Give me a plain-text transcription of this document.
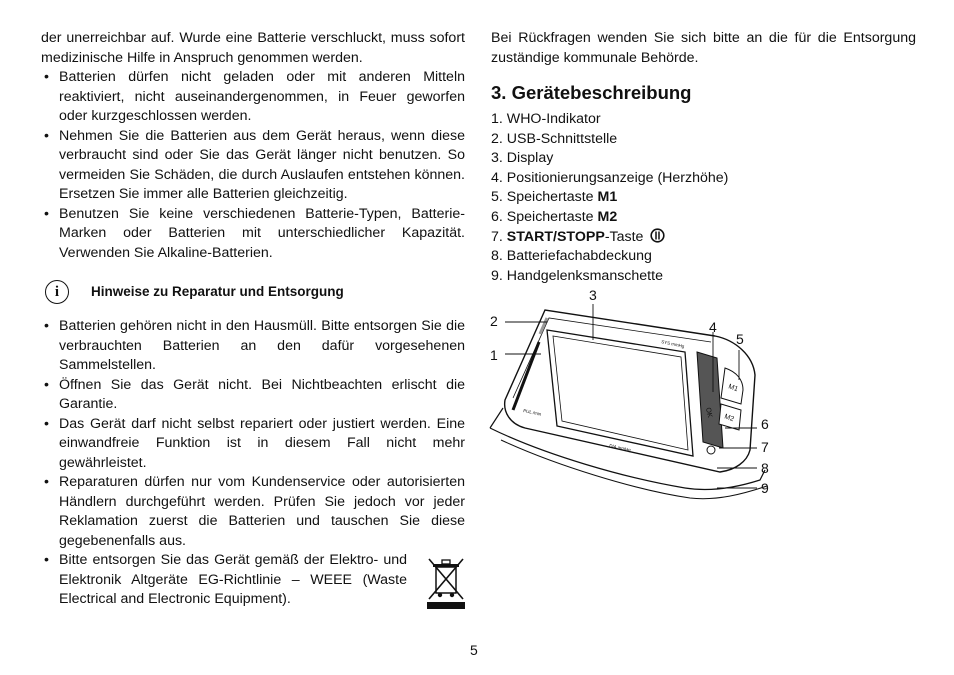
der unerreichbar auf. Wurde eine Batterie verschluckt, muss sofort medizinische Hilfe in Anspruch genommen werden.

• Batterien dürfen nicht geladen oder mit anderen Mitteln reaktiviert, nicht auseinandergenommen, in Feuer geworfen oder kurzgeschlossen werden.
• Nehmen Sie die Batterien aus dem Gerät heraus, wenn diese verbraucht sind oder Sie das Gerät länger nicht benutzen. So vermeiden Sie Schäden, die durch Auslaufen entstehen können. Ersetzen Sie immer alle Batterien gleichzeitig.
• Benutzen Sie keine verschiedenen Batterie-Typen, Batterie-Marken oder Batterien mit unterschiedlicher Kapazität. Verwenden Sie Alkaline-Batterien.
i	Hinweise zu Reparatur und Entsorgung
• Batterien gehören nicht in den Hausmüll. Bitte entsorgen Sie die verbrauchten Batterien an den dafür vorgesehenen Sammelstellen.
• Öffnen Sie das Gerät nicht. Bei Nichtbeachten erlischt die Garantie.
• Das Gerät darf nicht selbst repariert oder justiert werden. Eine einwandfreie Funktion ist in diesem Fall nicht mehr gewährleistet.
• Reparaturen dürfen nur vom Kundenservice oder autorisierten Händlern durchgeführt werden. Prüfen Sie jedoch vor jeder Reklamation zuerst die Batterien und tauschen Sie diese gegebenenfalls aus.
• Bitte entsorgen Sie das Gerät gemäß der Elektro- und Elektronik Altgeräte EG-Richtlinie – WEEE (Waste Electrical and Electronic Equipment).

Bei Rückfragen wenden Sie sich bitte an die für die Entsorgung zuständige kommunale Behörde.

3. Gerätebeschreibung
1. WHO-Indikator
2. USB-Schnittstelle
3. Display
4. Positionierungsanzeige (Herzhöhe)
5. Speichertaste M1
6. Speichertaste M2
7. START/STOPP-Taste
8. Batteriefachabdeckung
9. Handgelenksmanschette
OK
M1
M2
SYS mmHg
DIA mmHg
PUL /min
1
2
3
4
5
6
7
8
9
5
